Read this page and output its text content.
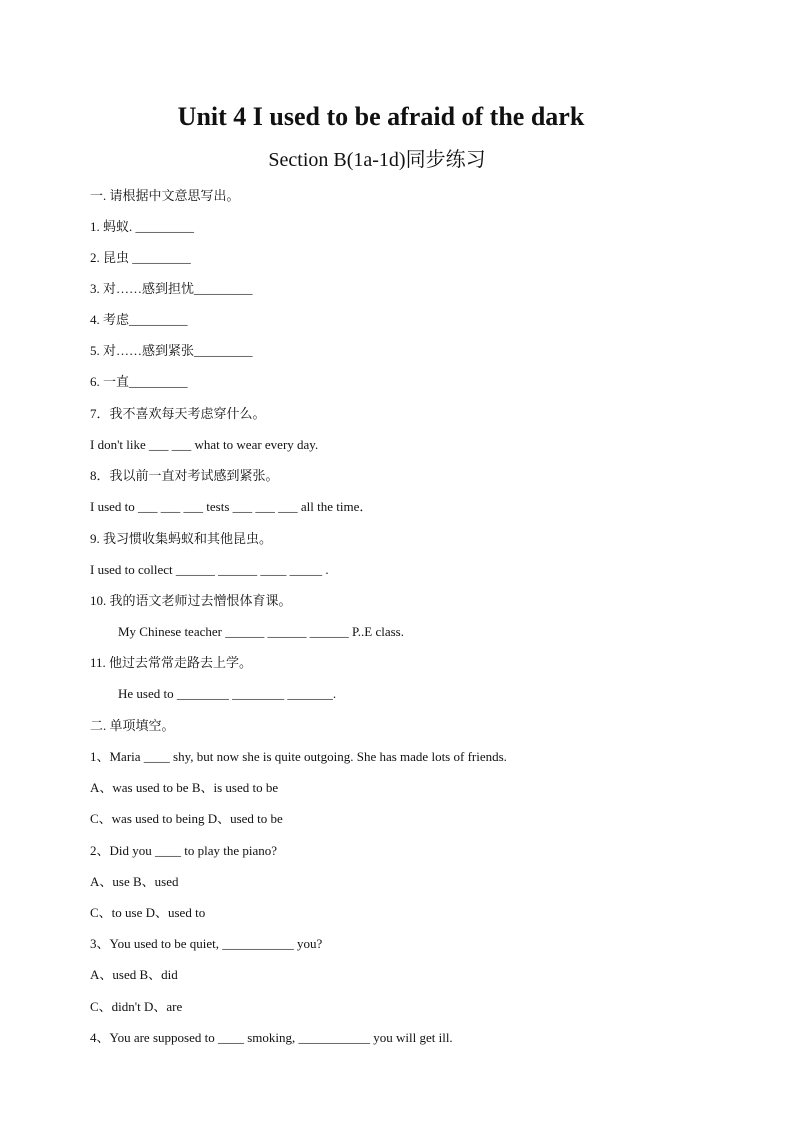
Unit 4 I used to be afraid of the dark
Section B(1a-1d)同步练习
一. 请根据中文意思写出。
1. 蚂蚁. _________
2. 昆虫 _________
3. 对……感到担忧_________
4. 考虑_________
5. 对……感到紧张_________
6. 一直_________
7．我不喜欢每天考虑穿什么。
I don't like ___ ___ what to wear every day.
8．我以前一直对考试感到紧张。
I used to ___ ___ ___ tests ___ ___ ___ all the time．
9. 我习惯收集蚂蚁和其他昆虫。
I used to collect ______ ______ ____ _____ .
10. 我的语文老师过去憎恨体育课。
My Chinese teacher ______ ______ ______ P..E class.
11. 他过去常常走路去上学。
He used to ________ ________ _______.
二. 单项填空。
1、Maria ____ shy, but now she is quite outgoing. She has made lots of friends.
A、was used to be B、is used to be
C、was used to being D、used to be
2、Did you ____ to play the piano?
A、use B、used
C、to use D、used to
3、You used to be quiet, ___________ you?
A、used B、did
C、didn't D、are
4、You are supposed to ____ smoking, ___________ you will get ill.
